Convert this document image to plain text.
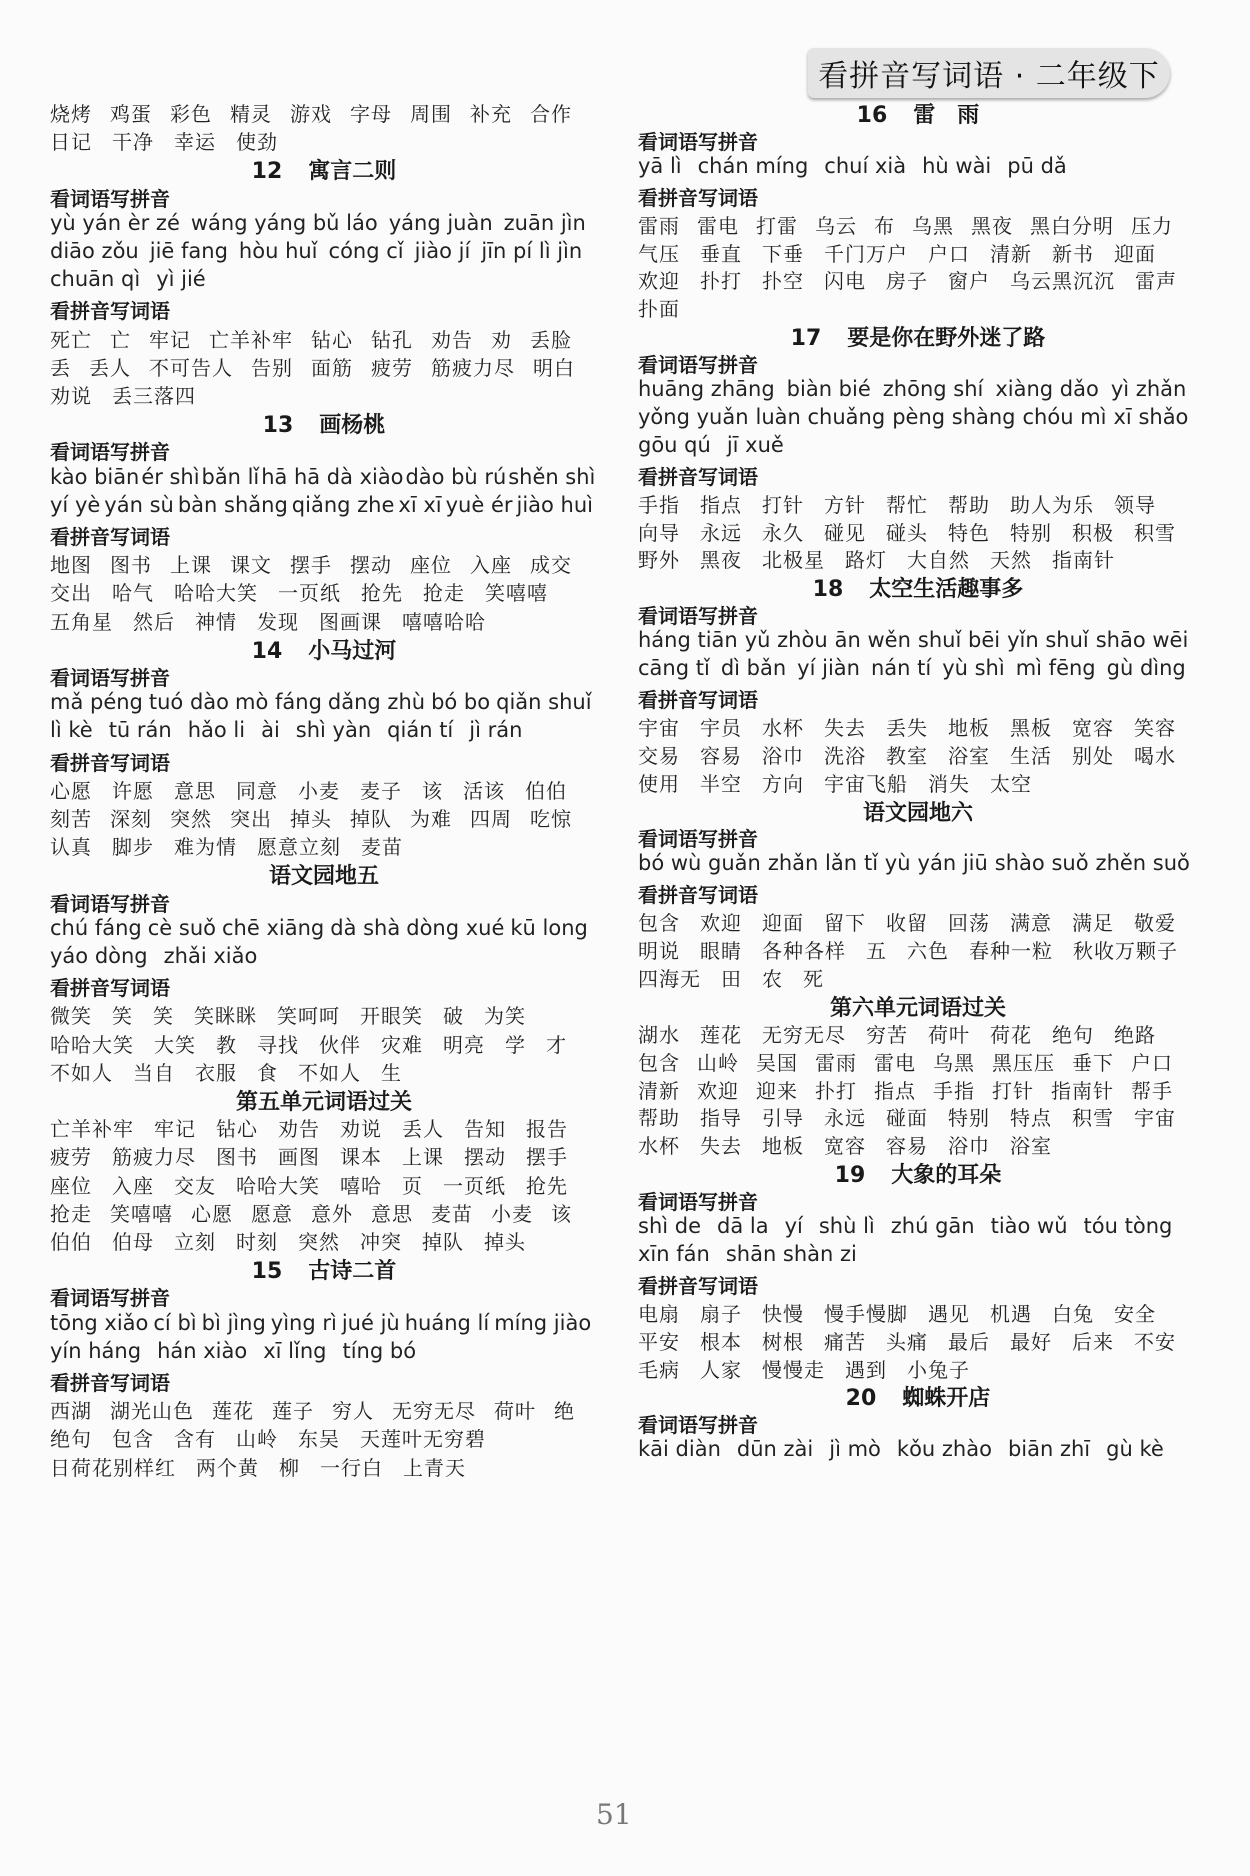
看拼音写词语 · 二年级下
烧烤 鸡蛋 彩色 精灵 游戏 字母 周围 补充 合作
日记 干净 幸运 使劲
12 寓言二则
看词语写拼音
yù yán èr zé wáng yáng bǔ láo yáng juàn zuān jìn
diāo zǒu jiē fang hòu huǐ cóng cǐ jiào jí jīn pí lì jìn
chuān qì yì jié
看拼音写词语
死亡 亡 牢记 亡羊补牢 钻心 钻孔 劝告 劝 丢脸
丢 丢人 不可告人 告别 面筋 疲劳 筋疲力尽 明白
劝说 丢三落四
13 画杨桃
看词语写拼音
kào biānér shìbǎn lǐhā hā dà xiàodào bù rúshěn shì
yí yè yán sù bàn shǎng qiǎng zhe xī xī yuè ér jiào huì
看拼音写词语
地图 图书 上课 课文 摆手 摆动 座位 入座 成交
交出 哈气 哈哈大笑 一页纸 抢先 抢走 笑嘻嘻
五角星 然后 神情 发现 图画课 嘻嘻哈哈
14 小马过河
看词语写拼音
mǎ péng tuó dào mò fáng dǎng zhù bó bo qiǎn shuǐ
lì kè tū rán hǎo li ài shì yàn qián tí jì rán
看拼音写词语
心愿 许愿 意思 同意 小麦 麦子 该 活该 伯伯
刻苦 深刻 突然 突出 掉头 掉队 为难 四周 吃惊
认真 脚步 难为情 愿意立刻 麦苗
语文园地五
看词语写拼音
chú fáng cè suǒ chē xiāng dà shà dòng xué kū long
yáo dòng zhǎi xiǎo
看拼音写词语
微笑 笑 笑 笑眯眯 笑呵呵 开眼笑 破 为笑
哈哈大笑 大笑 教 寻找 伙伴 灾难 明亮 学 才
不如人 当自 衣服 食 不如人 生
第五单元词语过关
亡羊补牢 牢记 钻心 劝告 劝说 丢人 告知 报告
疲劳 筋疲力尽 图书 画图 课本 上课 摆动 摆手
座位 入座 交友 哈哈大笑 嘻哈 页 一页纸 抢先
抢走 笑嘻嘻 心愿 愿意 意外 意思 麦苗 小麦 该
伯伯 伯母 立刻 时刻 突然 冲突 掉队 掉头
15 古诗二首
看词语写拼音
tōng xiǎo cí bì bì jìng yìng rì jué jù huáng lí míng jiào
yín háng hán xiào xī lǐng tíng bó
看拼音写词语
西湖 湖光山色 莲花 莲子 穷人 无穷无尽 荷叶 绝
绝句 包含 含有 山岭 东吴 天莲叶无穷碧
日荷花别样红 两个黄 柳 一行白 上青天
16 雷　雨
看词语写拼音
yā lì chán míng chuí xià hù wài pū dǎ
看拼音写词语
雷雨 雷电 打雷 乌云 布 乌黑 黑夜 黑白分明 压力
气压 垂直 下垂 千门万户 户口 清新 新书 迎面
欢迎 扑打 扑空 闪电 房子 窗户 乌云黑沉沉 雷声
扑面
17 要是你在野外迷了路
看词语写拼音
huāng zhāng biàn bié zhōng shí xiàng dǎo yì zhǎn
yǒng yuǎn luàn chuǎng pèng shàng chóu mì xī shǎo
gōu qú jī xuě
看拼音写词语
手指 指点 打针 方针 帮忙 帮助 助人为乐 领导
向导 永远 永久 碰见 碰头 特色 特别 积极 积雪
野外 黑夜 北极星 路灯 大自然 天然 指南针
18 太空生活趣事多
看词语写拼音
háng tiān yǔ zhòu ān wěn shuǐ bēi yǐn shuǐ shāo wēi
cāng tǐ dì bǎn yí jiàn nán tí yù shì mì fēng gù dìng
看拼音写词语
宇宙 宇员 水杯 失去 丢失 地板 黑板 宽容 笑容
交易 容易 浴巾 洗浴 教室 浴室 生活 别处 喝水
使用 半空 方向 宇宙飞船 消失 太空
语文园地六
看词语写拼音
bó wù guǎn zhǎn lǎn tǐ yù yán jiū shào suǒ zhěn suǒ
看拼音写词语
包含 欢迎 迎面 留下 收留 回荡 满意 满足 敬爱
明说 眼睛 各种各样 五 六色 春种一粒 秋收万颗子
四海无 田 农 死
第六单元词语过关
湖水 莲花 无穷无尽 穷苦 荷叶 荷花 绝句 绝路
包含 山岭 吴国 雷雨 雷电 乌黑 黑压压 垂下 户口
清新 欢迎 迎来 扑打 指点 手指 打针 指南针 帮手
帮助 指导 引导 永远 碰面 特别 特点 积雪 宇宙
水杯 失去 地板 宽容 容易 浴巾 浴室
19 大象的耳朵
看词语写拼音
shì de dā la yí shù lì zhú gān tiào wǔ tóu tòng
xīn fán shān shàn zi
看拼音写词语
电扇 扇子 快慢 慢手慢脚 遇见 机遇 白兔 安全
平安 根本 树根 痛苦 头痛 最后 最好 后来 不安
毛病 人家 慢慢走 遇到 小兔子
20 蜘蛛开店
看词语写拼音
kāi diàn dūn zài jì mò kǒu zhào biān zhī gù kè
51
